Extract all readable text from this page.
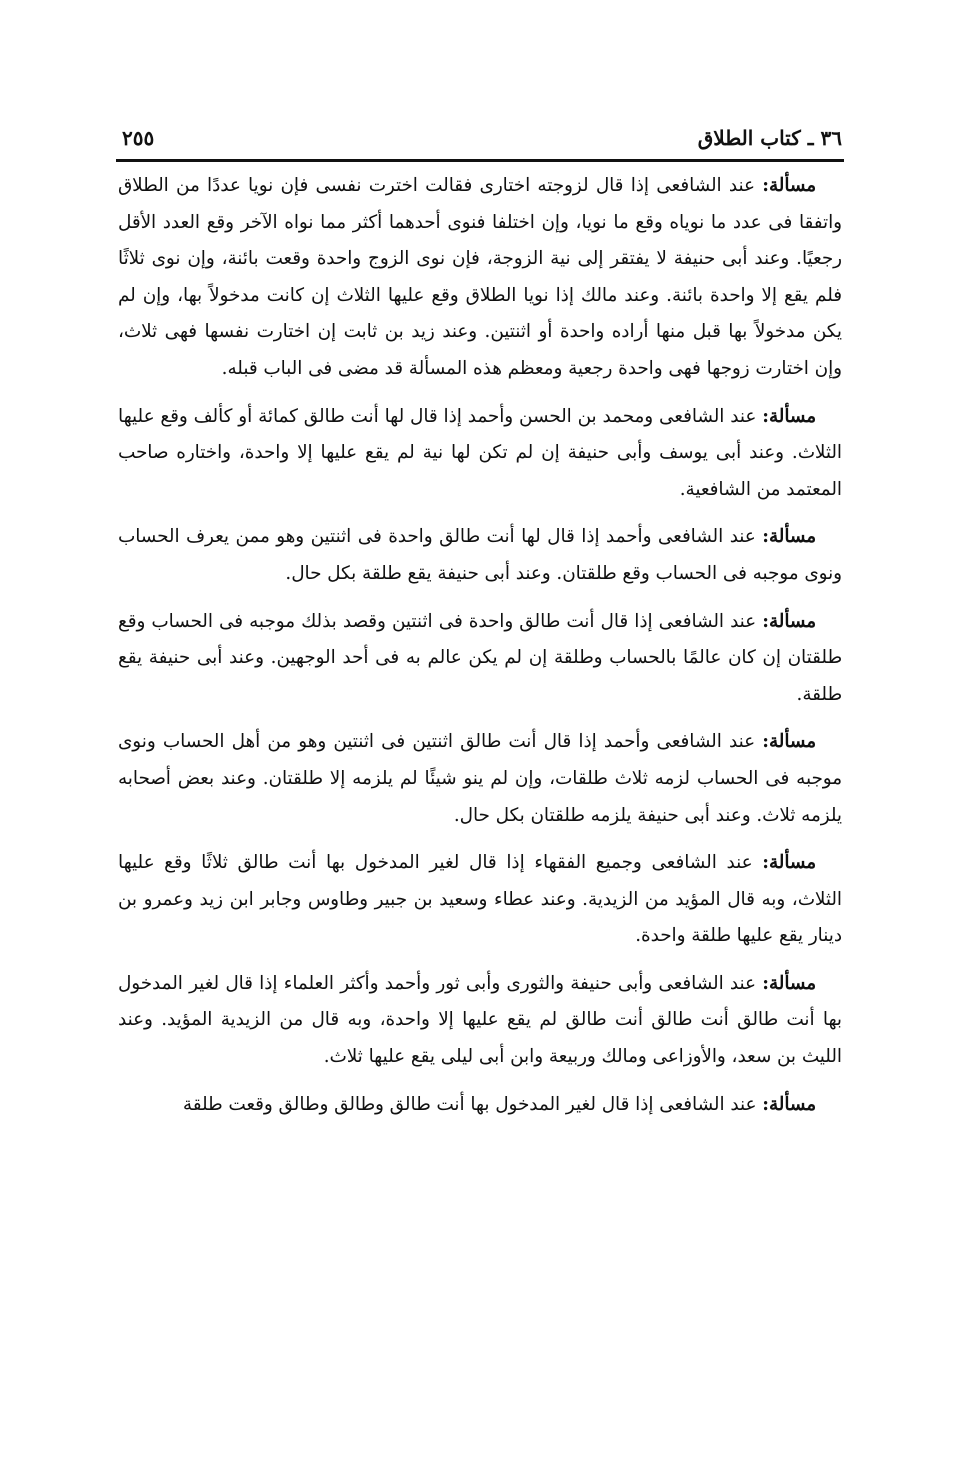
٣٦ ـ كتاب الطلاق
٢٥٥

مسألة: عند الشافعى إذا قال لزوجته اختارى فقالت اخترت نفسى فإن نويا عددًا من الطلاق واتفقا فى عدد ما نوياه وقع ما نويا، وإن اختلفا فنوى أحدهما أكثر مما نواه الآخر وقع العدد الأقل رجعيًا. وعند أبى حنيفة لا يفتقر إلى نية الزوجة، فإن نوى الزوج واحدة وقعت بائنة، وإن نوى ثلاثًا فلم يقع إلا واحدة بائنة. وعند مالك إذا نويا الطلاق وقع عليها الثلاث إن كانت مدخولاً بها، وإن لم يكن مدخولاً بها قبل منها أراده واحدة أو اثنتين. وعند زيد بن ثابت إن اختارت نفسها فهى ثلاث، وإن اختارت زوجها فهى واحدة رجعية ومعظم هذه المسألة قد مضى فى الباب قبله.

مسألة: عند الشافعى ومحمد بن الحسن وأحمد إذا قال لها أنت طالق كمائة أو كألف وقع عليها الثلاث. وعند أبى يوسف وأبى حنيفة إن لم تكن لها نية لم يقع عليها إلا واحدة، واختاره صاحب المعتمد من الشافعية.

مسألة: عند الشافعى وأحمد إذا قال لها أنت طالق واحدة فى اثنتين وهو ممن يعرف الحساب ونوى موجبه فى الحساب وقع طلقتان. وعند أبى حنيفة يقع طلقة بكل حال.

مسألة: عند الشافعى إذا قال أنت طالق واحدة فى اثنتين وقصد بذلك موجبه فى الحساب وقع طلقتان إن كان عالمًا بالحساب وطلقة إن لم يكن عالم به فى أحد الوجهين. وعند أبى حنيفة يقع طلقة.

مسألة: عند الشافعى وأحمد إذا قال أنت طالق اثنتين فى اثنتين وهو من أهل الحساب ونوى موجبه فى الحساب لزمه ثلاث طلقات، وإن لم ينو شيئًا لم يلزمه إلا طلقتان. وعند بعض أصحابه يلزمه ثلاث. وعند أبى حنيفة يلزمه طلقتان بكل حال.

مسألة: عند الشافعى وجميع الفقهاء إذا قال لغير المدخول بها أنت طالق ثلاثًا وقع عليها الثلاث، وبه قال المؤيد من الزيدية. وعند عطاء وسعيد بن جبير وطاوس وجابر ابن زيد وعمرو بن دينار يقع عليها طلقة واحدة.

مسألة: عند الشافعى وأبى حنيفة والثورى وأبى ثور وأحمد وأكثر العلماء إذا قال لغير المدخول بها أنت طالق أنت طالق أنت طالق لم يقع عليها إلا واحدة، وبه قال من الزيدية المؤيد. وعند الليث بن سعد، والأوزاعى ومالك وربيعة وابن أبى ليلى يقع عليها ثلاث.

مسألة: عند الشافعى إذا قال لغير المدخول بها أنت طالق وطالق وطالق وقعت طلقة
